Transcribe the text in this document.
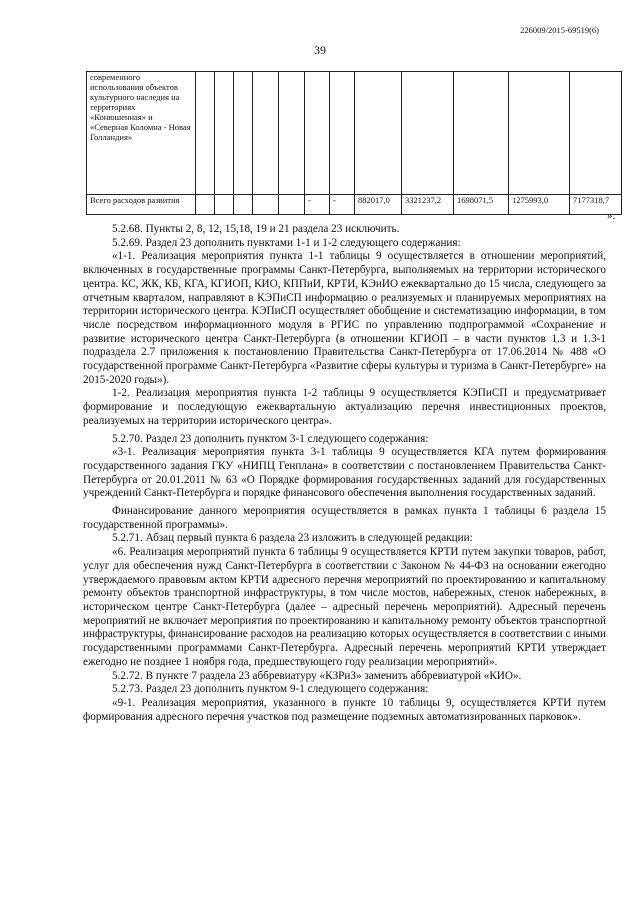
226009/2015-69519(6)
39
современного использования объектов культурного наследия на территориях «Конюшенная» и «Северная Коломна - Новая Голландия»												
Всего расходов развития						-	-	882017,0	3321237,2	1698071,5	1275993,0	7177318,7
».

5.2.68. Пункты 2, 8, 12, 15,18, 19 и 21 раздела 23 исключить.

5.2.69. Раздел 23 дополнить пунктами 1-1 и 1-2 следующего содержания:

«1-1. Реализация мероприятия пункта 1-1 таблицы 9 осуществляется в отношении мероприятий, включенных в государственные программы Санкт-Петербурга, выполняемых на территории исторического центра. КС, ЖК, КБ, КГА, КГИОП, КИО, КППиИ, КРТИ, КЭиИО ежеквартально до 15 числа, следующего за отчетным кварталом, направляют в КЭПиСП информацию о реализуемых и планируемых мероприятиях на территории исторического центра. КЭПиСП осуществляет обобщение и систематизацию информации, в том числе посредством информационного модуля в РГИС по управлению подпрограммой «Сохранение и развитие исторического центра Санкт-Петербурга (в отношении КГИОП – в части пунктов 1.3 и 1.3-1 подраздела 2.7 приложения к постановлению Правительства Санкт-Петербурга от 17.06.2014 № 488 «О государственной программе Санкт-Петербурга «Развитие сферы культуры и туризма в Санкт-Петербурге» на 2015-2020 годы»).

1-2. Реализация мероприятия пункта 1-2 таблицы 9 осуществляется КЭПиСП и предусматривает формирование и последующую ежеквартальную актуализацию перечня инвестиционных проектов, реализуемых на территории исторического центра».

5.2.70. Раздел 23 дополнить пунктом 3-1 следующего содержания:

«3-1. Реализация мероприятия пункта 3-1 таблицы 9 осуществляется КГА путем формирования государственного задания ГКУ «НИПЦ Генплана» в соответствии с постановлением Правительства Санкт-Петербурга от 20.01.2011 № 63 «О Порядке формирования государственных заданий для государственных учреждений Санкт-Петербурга и порядке финансового обеспечения выполнения государственных заданий.

Финансирование данного мероприятия осуществляется в рамках пункта 1 таблицы 6 раздела 15 государственной программы».

5.2.71. Абзац первый пункта 6 раздела 23 изложить в следующей редакции:

«6. Реализация мероприятий пункта 6 таблицы 9 осуществляется КРТИ путем закупки товаров, работ, услуг для обеспечения нужд Санкт-Петербурга в соответствии с Законом № 44-ФЗ на основании ежегодно утверждаемого правовым актом КРТИ адресного перечня мероприятий по проектированию и капитальному ремонту объектов транспортной инфраструктуры, в том числе мостов, набережных, стенок набережных, в историческом центре Санкт-Петербурга (далее – адресный перечень мероприятий). Адресный перечень мероприятий не включает мероприятия по проектированию и капитальному ремонту объектов транспортной инфраструктуры, финансирование расходов на реализацию которых осуществляется в соответствии с иными государственными программами Санкт-Петербурга. Адресный перечень мероприятий КРТИ утверждает ежегодно не позднее 1 ноября года, предшествующего году реализации мероприятий».

5.2.72. В пункте 7 раздела 23 аббревиатуру «КЗРиЗ» заменить аббревиатурой «КИО».

5.2.73. Раздел 23 дополнить пунктом 9-1 следующего содержания:

«9-1. Реализация мероприятия, указанного в пункте 10 таблицы 9, осуществляется КРТИ путем формирования адресного перечня участков под размещение подземных автоматизированных парковок».
